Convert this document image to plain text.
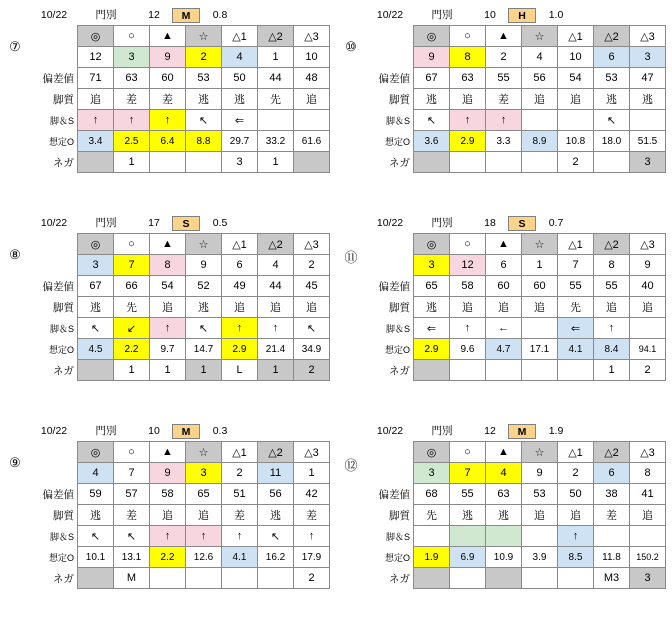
10/22	門別	12	M	0.8
⑦
	◎	○	▲	☆	△1	△2	△3
	12	3	9	2	4	1	10
偏差値	71	63	60	53	50	44	48
脚質	追	差	差	逃	逃	先	追
脚＆S	↑	↑	↑	↖	⇐		
想定O	3.4	2.5	6.4	8.8	29.7	33.2	61.6
ネガ		1			3	1	
10/22	門別	10	H	1.0
⑩
	◎	○	▲	☆	△1	△2	△3
	9	8	2	4	10	6	3
偏差値	67	63	55	56	54	53	47
脚質	逃	追	差	追	追	逃	逃
脚＆S	↖	↑	↑			↖	
想定O	3.6	2.9	3.3	8.9	10.8	18.0	51.5
ネガ					2		3
10/22	門別	17	S	0.5
⑧
	◎	○	▲	☆	△1	△2	△3
	3	7	8	9	6	4	2
偏差値	67	66	54	52	49	44	45
脚質	逃	先	追	逃	追	追	追
脚＆S	↖	↙	↑	↖	↑	↑	↖
想定O	4.5	2.2	9.7	14.7	2.9	21.4	34.9
ネガ		1	1	1	L	1	2
10/22	門別	18	S	0.7
⑪
	◎	○	▲	☆	△1	△2	△3
	3	12	6	1	7	8	9
偏差値	65	58	60	60	55	55	40
脚質	逃	追	追	追	先	追	追
脚＆S	⇐	↑	←		⇐	↑	
想定O	2.9	9.6	4.7	17.1	4.1	8.4	94.1
ネガ						1	2
10/22	門別	10	M	0.3
⑨
	◎	○	▲	☆	△1	△2	△3
	4	7	9	3	2	11	1
偏差値	59	57	58	65	51	56	42
脚質	逃	差	追	追	差	逃	差
脚＆S	↖	↖	↑	↑	↑	↖	↑
想定O	10.1	13.1	2.2	12.6	4.1	16.2	17.9
ネガ		M					2
10/22	門別	12	M	1.9
⑫
	◎	○	▲	☆	△1	△2	△3
	3	7	4	9	2	6	8
偏差値	68	55	63	53	50	38	41
脚質	先	逃	逃	追	追	差	追
脚＆S					↑		
想定O	1.9	6.9	10.9	3.9	8.5	11.8	150.2
ネガ						M3	3
